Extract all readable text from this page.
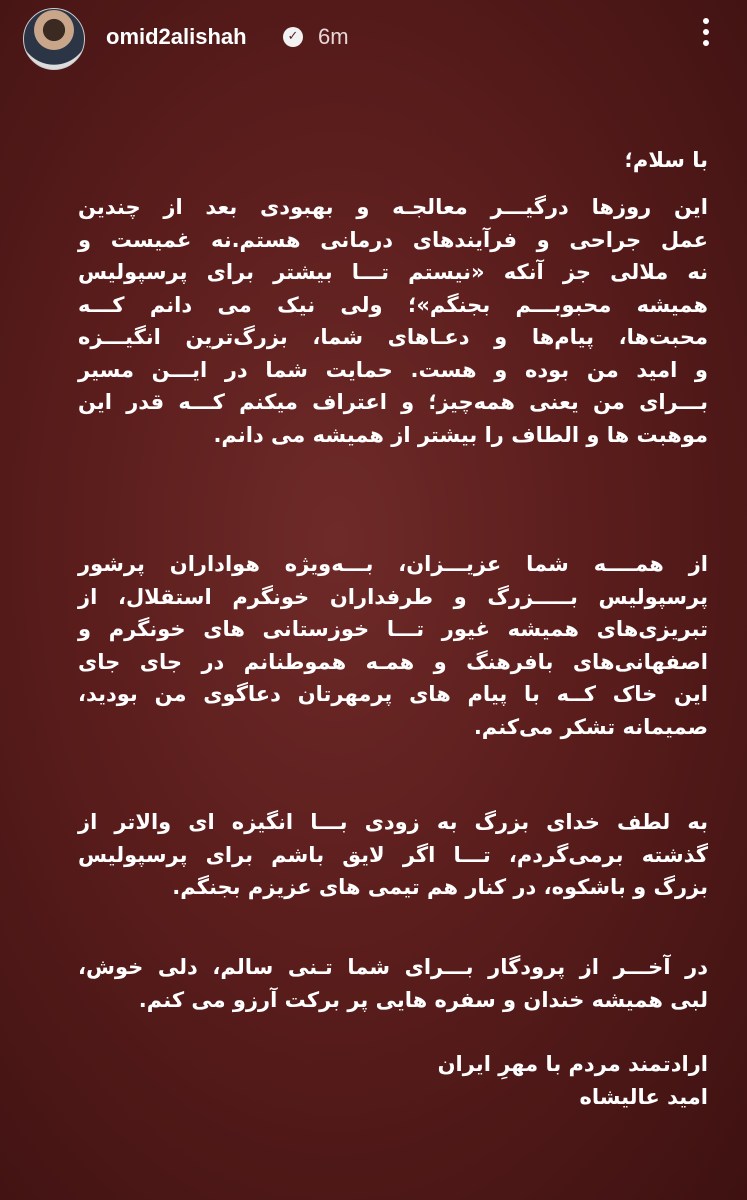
omid2alishah	✓ 6m
با سلام؛
این روزها درگیـــر معالجـه و بهبودی بعد از چندین
عمل جراحی و فرآیندهای درمانی هستم.نه غمیست و
نه ملالی جز آنکه «نیستم تـــا بیشتر برای پرسپولیس
همیشه محبوبـــم بجنگم»؛ ولی نیک می دانم کـــه
محبت‌ها، پیام‌ها و دعـاهای شما، بزرگ‌ترین انگیـــزه
و امید من بوده و هست. حمایت شما در ایـــن مسیر
بـــرای من یعنی همه‌چیز؛ و اعتراف میکنم کـــه قدر این
موهبت ها و الطاف را بیشتر از همیشه می دانم.
از همــــه شما عزیـــزان، بـــه‌ویژه هواداران پرشور
پرسپولیس بـــــزرگ و طرفداران خونگرم استقلال، از
تبریزی‌های همیشه غیور تـــا خوزستانی های خونگرم و
اصفهانی‌های بافرهنگ و همـه هموطنانم در جای جای
این خاک کــه با پیام های پرمهرتان دعاگوی من بودید،
صمیمانه تشکر می‌کنم.
به لطف خدای بزرگ به زودی بـــا انگیزه ای والاتر از
گذشته برمی‌گردم، تـــا اگر لایق باشم برای پرسپولیس
بزرگ و باشکوه، در کنار هم تیمی های عزیزم بجنگم.
در آخـــر از پرودگار بـــرای شما تـنی سالم، دلی خوش،
لبی همیشه خندان و سفره هایی پر برکت آرزو می کنم.
ارادتمند مردم با مهرِ ایران
امید عالیشاه
